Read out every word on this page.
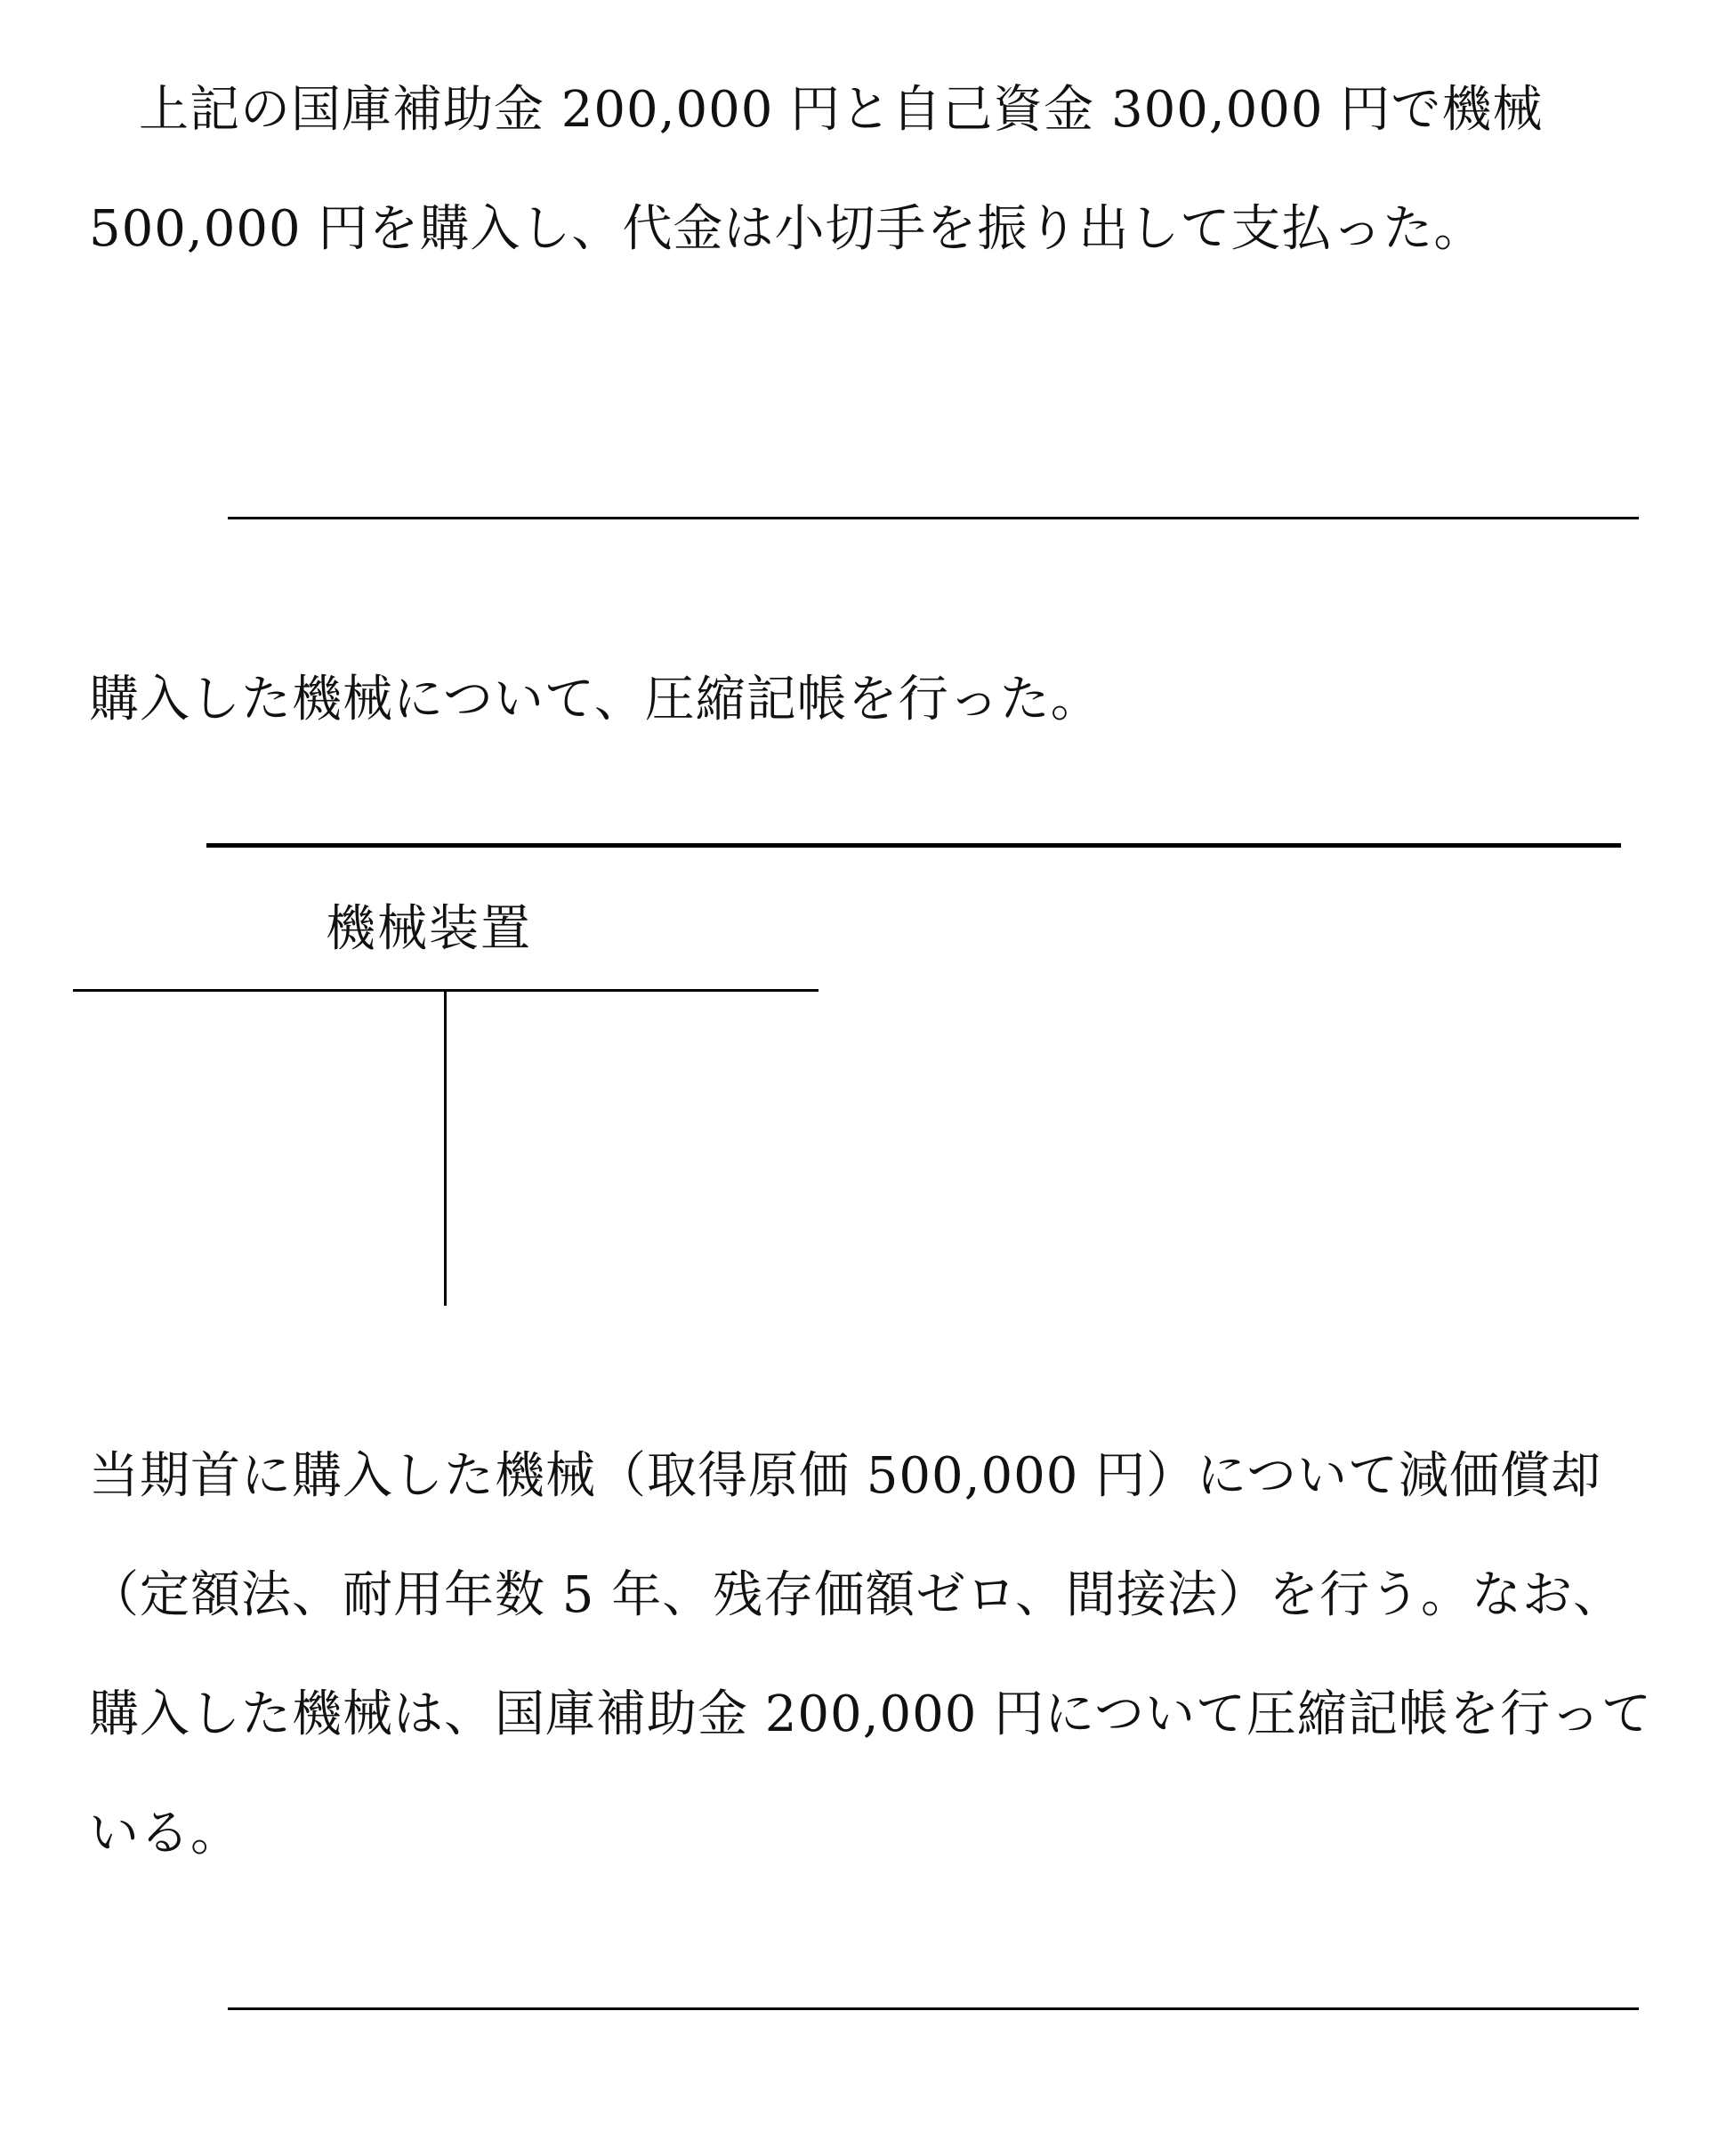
上記の国庫補助金 200,000 円と自己資金 300,000 円で機械 500,000 円を購入し、代金は小切手を振り出して支払った。

購入した機械について、圧縮記帳を行った。

機械装置

当期首に購入した機械（取得原価 500,000 円）について減価償却（定額法、耐用年数 5 年、残存価額ゼロ、間接法）を行う。なお、購入した機械は、国庫補助金 200,000 円について圧縮記帳を行っている。
